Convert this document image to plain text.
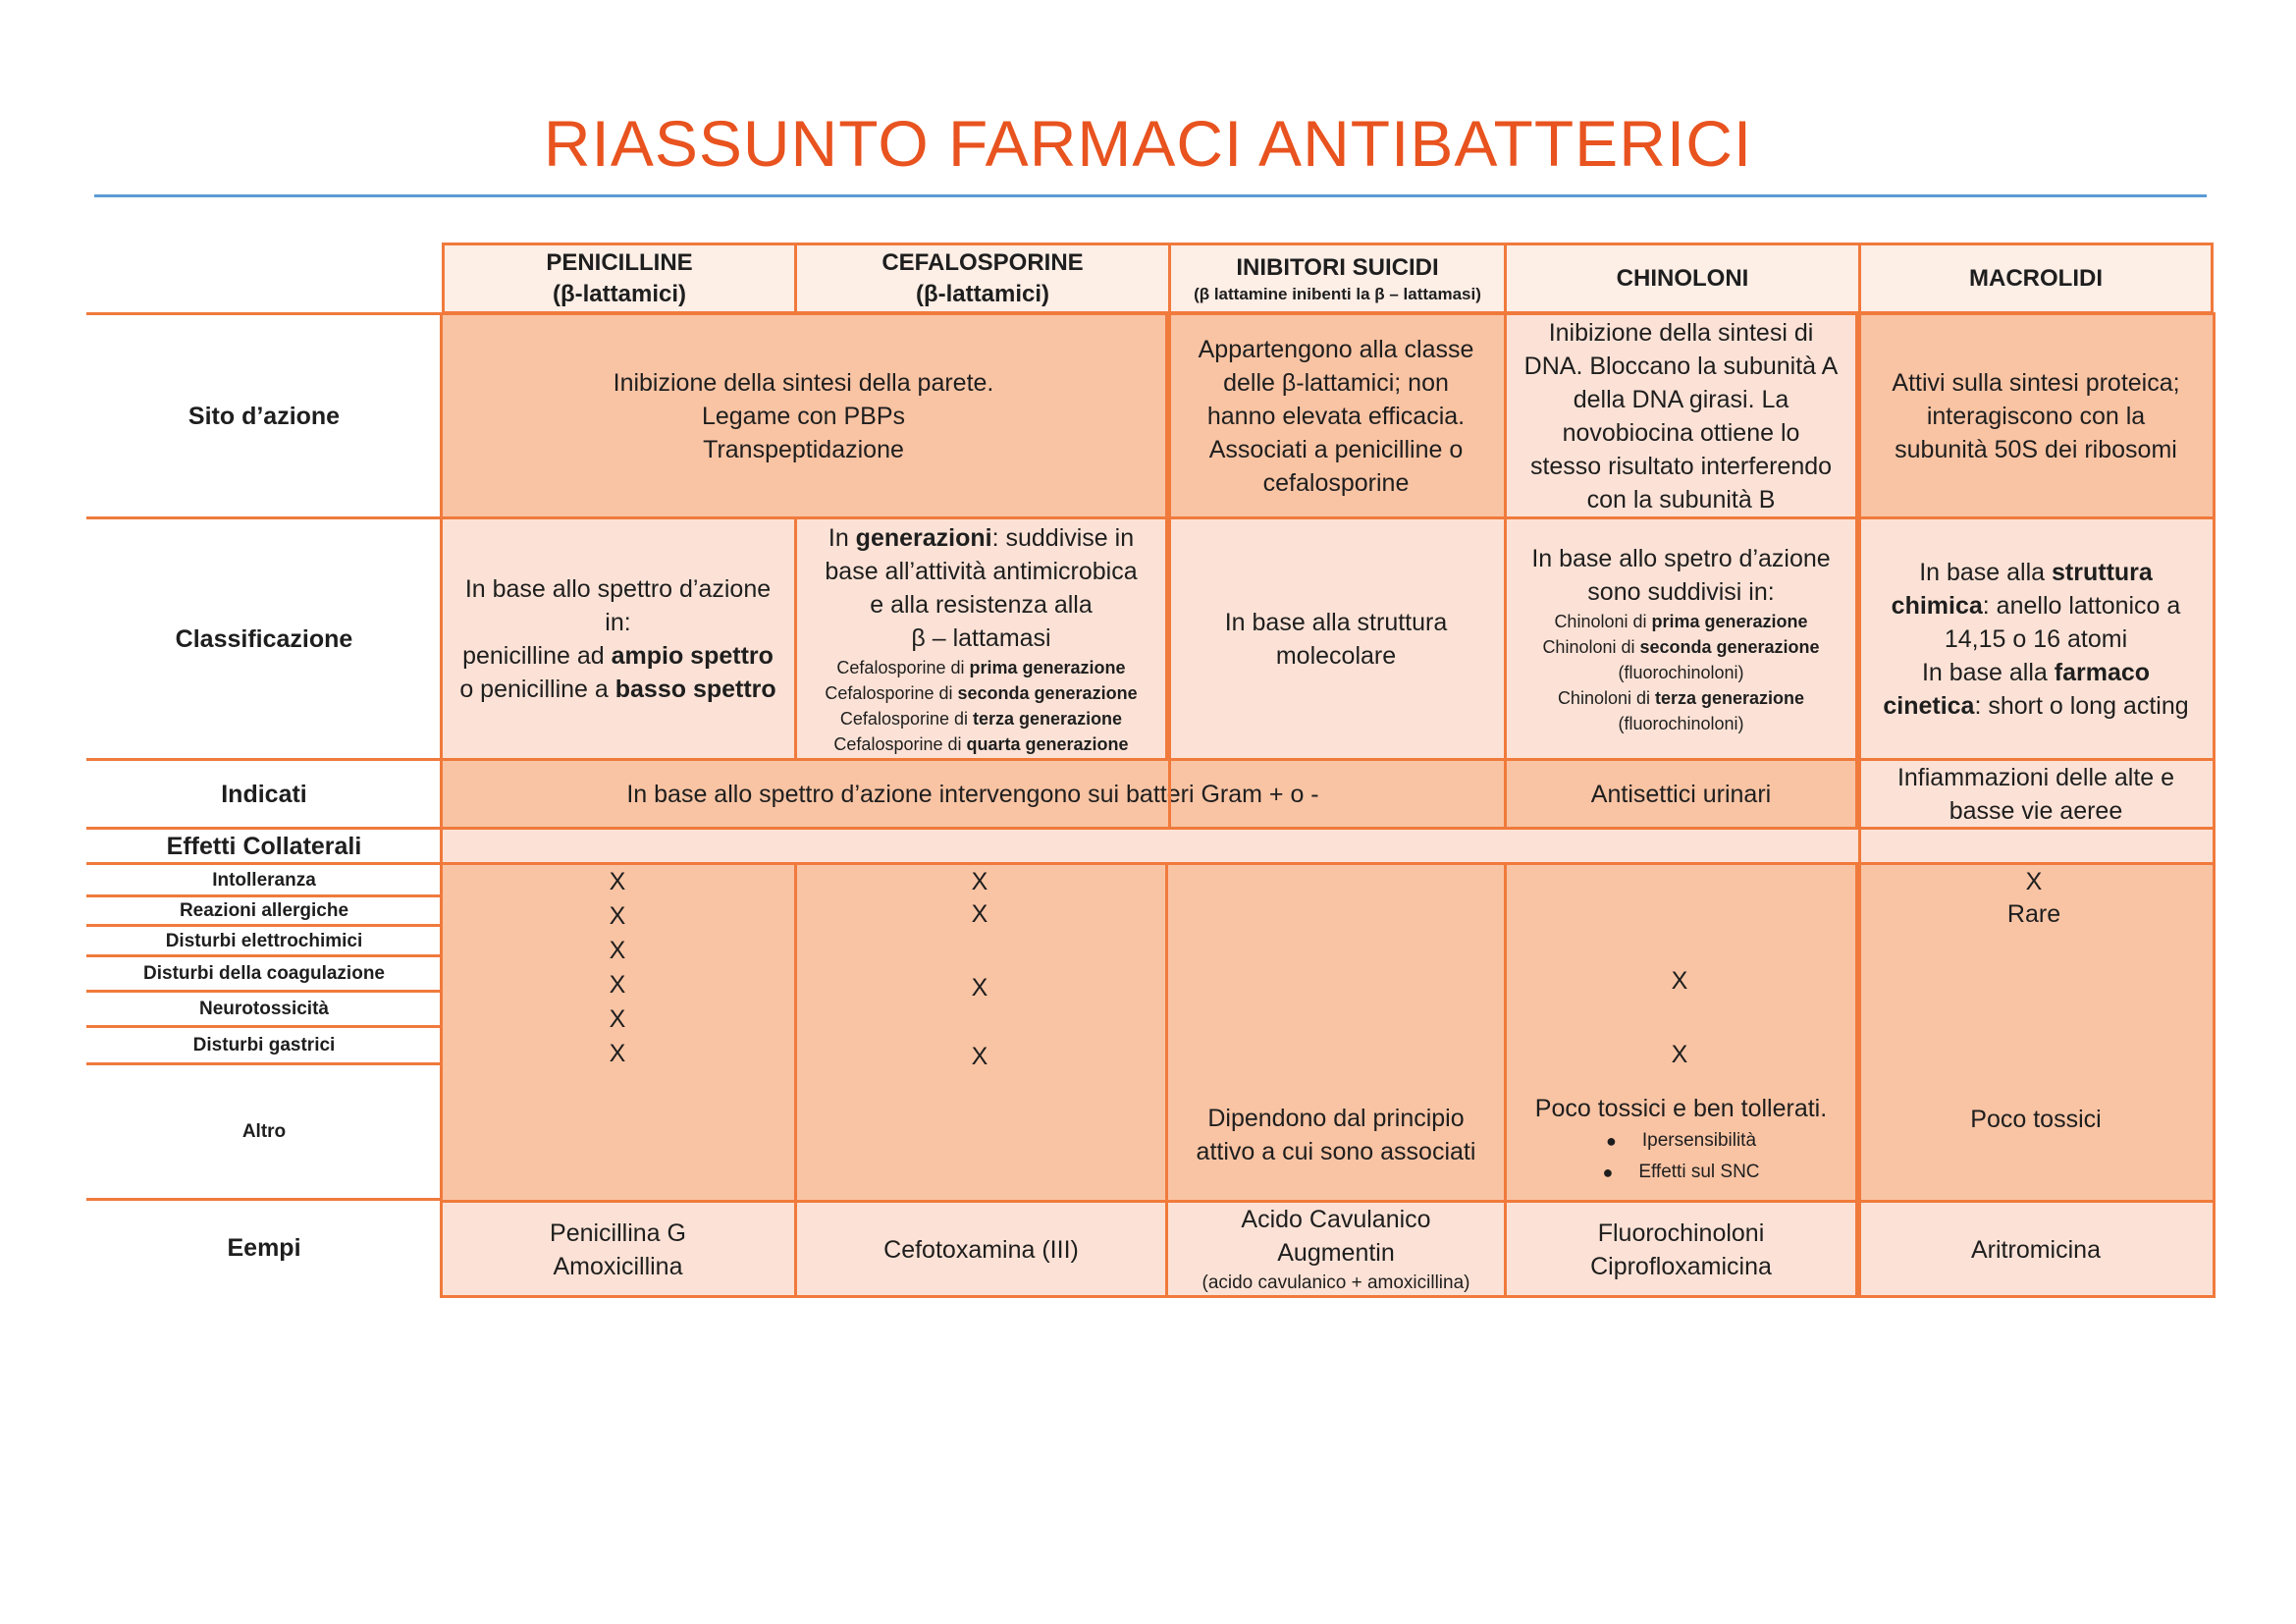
RIASSUNTO FARMACI ANTIBATTERICI
PENICILLINE
(β-lattamici)
CEFALOSPORINE
(β-lattamici)
INIBITORI SUICIDI
(β lattamine inibenti la β – lattamasi)
CHINOLONI	MACROLIDI
Sito d’azione
Classificazione
Indicati
Effetti Collaterali
Intolleranza
Reazioni allergiche
Disturbi elettrochimici
Disturbi della coagulazione
Neurotossicità
Disturbi gastrici
Altro
Eempi
Inibizione della sintesi della parete.
Legame con PBPs
Transpeptidazione
Appartengono alla classe
delle β-lattamici; non
hanno elevata efficacia.
Associati a penicilline o
cefalosporine
Inibizione della sintesi di
DNA. Bloccano la subunità A
della DNA girasi. La
novobiocina ottiene lo
stesso risultato interferendo
con la subunità B
Attivi sulla sintesi proteica;
interagiscono con la
subunità 50S dei ribosomi
In base allo spettro d’azione
in:
penicilline ad ampio spettro
o penicilline a basso spettro
In generazioni: suddivise in
base all’attività antimicrobica
e alla resistenza alla
β – lattamasi
Cefalosporine di prima generazione
Cefalosporine di seconda generazione
Cefalosporine di terza generazione
Cefalosporine di quarta generazione
In base alla struttura
molecolare
In base allo spetro d’azione
sono suddivisi in:
Chinoloni di prima generazione
Chinoloni di seconda generazione
(fluorochinoloni)
Chinoloni di terza generazione
(fluorochinoloni)
In base alla struttura
chimica: anello lattonico a
14,15 o 16 atomi
In base alla farmaco
cinetica: short o long acting
In base allo spettro d’azione intervengono sui batteri Gram + o -	Antisettici urinari
Infiammazioni delle alte e
basse vie aeree
X
X
X
X
X
X
X
X
X
X
X
X
X
Rare
Dipendono dal principio
attivo a cui sono associati
Poco tossici e ben tollerati.
● Ipersensibilità
● Effetti sul SNC
Poco tossici
Penicillina G
Amoxicillina
Cefotoxamina (III)
Acido Cavulanico
Augmentin
(acido cavulanico + amoxicillina)
Fluorochinoloni
Ciprofloxamicina
Aritromicina
